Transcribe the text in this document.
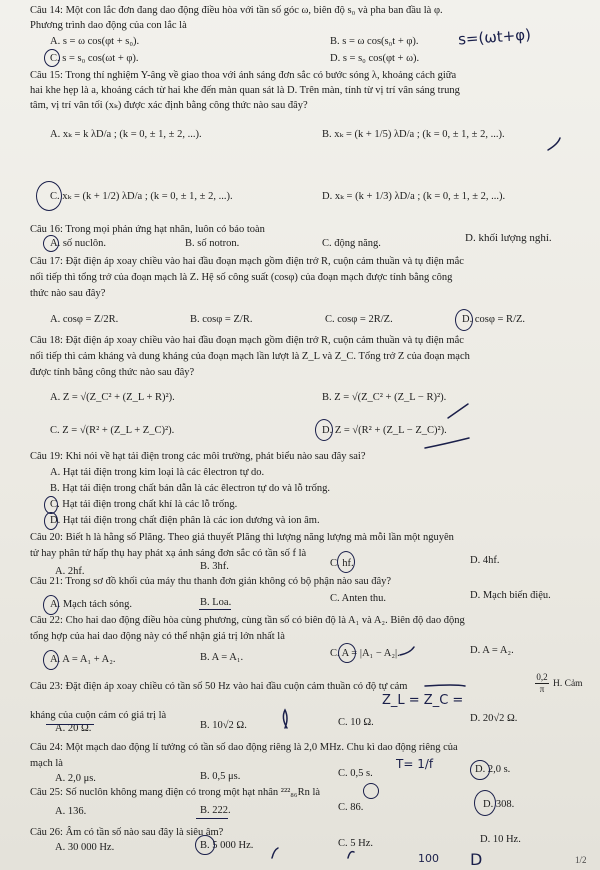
Câu 14: Một con lắc đơn đang dao động điều hòa với tần số góc ω, biên độ s₀ và pha ban đầu là φ.
Phương trình dao động của con lắc là
A. s = ω cos(φt + s₀).	B. s = ω cos(s₀t + φ).
C. s = s₀ cos(ωt + φ).	D. s = s₀ cos(φt + ω).
s=(ωt+φ)
Câu 15: Trong thí nghiệm Y-âng về giao thoa với ánh sáng đơn sắc có bước sóng λ, khoảng cách giữa
hai khe hẹp là a, khoảng cách từ hai khe đến màn quan sát là D. Trên màn, tính từ vị trí vân sáng trung
tâm, vị trí vân tối (xₖ) được xác định bằng công thức nào sau đây?
A. xₖ = k λD/a ; (k = 0, ± 1, ± 2, ...).	B. xₖ = (k + 1/5) λD/a ; (k = 0, ± 1, ± 2, ...).
C. xₖ = (k + 1/2) λD/a ; (k = 0, ± 1, ± 2, ...).	D. xₖ = (k + 1/3) λD/a ; (k = 0, ± 1, ± 2, ...).
Câu 16: Trong mọi phản ứng hạt nhân, luôn có bảo toàn
A. số nuclôn.	B. số notron.	C. động năng.	D. khối lượng nghỉ.
Câu 17: Đặt điện áp xoay chiều vào hai đầu đoạn mạch gồm điện trở R, cuộn cảm thuần và tụ điện mắc
nối tiếp thì tổng trở của đoạn mạch là Z. Hệ số công suất (cosφ) của đoạn mạch được tính bằng công
thức nào sau đây?
A. cosφ = Z/2R.	B. cosφ = Z/R.	C. cosφ = 2R/Z.	D. cosφ = R/Z.
Câu 18: Đặt điện áp xoay chiều vào hai đầu đoạn mạch gồm điện trở R, cuộn cảm thuần và tụ điện mắc
nối tiếp thì cảm kháng và dung kháng của đoạn mạch lần lượt là Z_L và Z_C. Tổng trở Z của đoạn mạch
được tính bằng công thức nào sau đây?
A. Z = √(Z_C² + (Z_L + R)²).	B. Z = √(Z_C² + (Z_L − R)²).
C. Z = √(R² + (Z_L + Z_C)²).	D. Z = √(R² + (Z_L − Z_C)²).
Câu 19: Khi nói về hạt tải điện trong các môi trường, phát biểu nào sau đây sai?
A. Hạt tải điện trong kim loại là các êlectron tự do.
B. Hạt tải điện trong chất bán dẫn là các êlectron tự do và lỗ trống.
C. Hạt tải điện trong chất khí là các lỗ trống.
D. Hạt tải điện trong chất điện phân là các ion dương và ion âm.
Câu 20: Biết h là hằng số Plăng. Theo giả thuyết Plăng thì lượng năng lượng mà mỗi lần một nguyên
tử hay phân tử hấp thụ hay phát xạ ánh sáng đơn sắc có tần số f là
A. 2hf.	B. 3hf.	C. hf.	D. 4hf.
Câu 21: Trong sơ đồ khối của máy thu thanh đơn giản không có bộ phận nào sau đây?
A. Mạch tách sóng.	B. Loa.	C. Anten thu.	D. Mạch biến điệu.
Câu 22: Cho hai dao động điều hòa cùng phương, cùng tần số có biên độ là A₁ và A₂. Biên độ dao động
tổng hợp của hai dao động này có thể nhận giá trị lớn nhất là
A. A = A₁ + A₂.	B. A = A₁.	C. A = |A₁ − A₂|.	D. A = A₂.
Câu 23: Đặt điện áp xoay chiều có tần số 50 Hz vào hai đầu cuộn cảm thuần có độ tự cảm
0,2
π H. Cảm
kháng của cuộn cảm có giá trị là
A. 20 Ω.	B. 10√2 Ω.	C. 10 Ω.	D. 20√2 Ω.
Z_L = Z_C =
Câu 24: Một mạch dao động lí tưởng có tần số dao động riêng là 2,0 MHz. Chu kì dao động riêng của
mạch là
A. 2,0 μs.	B. 0,5 μs.	C. 0,5 s.	D. 2,0 s.
T= 1/f
Câu 25: Số nuclôn không mang điện có trong một hạt nhân ²²²₈₆Rn là
A. 136.	B. 222.	C. 86.	D. 308.
Câu 26: Âm có tần số nào sau đây là siêu âm?
A. 30 000 Hz.	B. 5 000 Hz.	C. 5 Hz.	D. 10 Hz.
100 D	1/2
